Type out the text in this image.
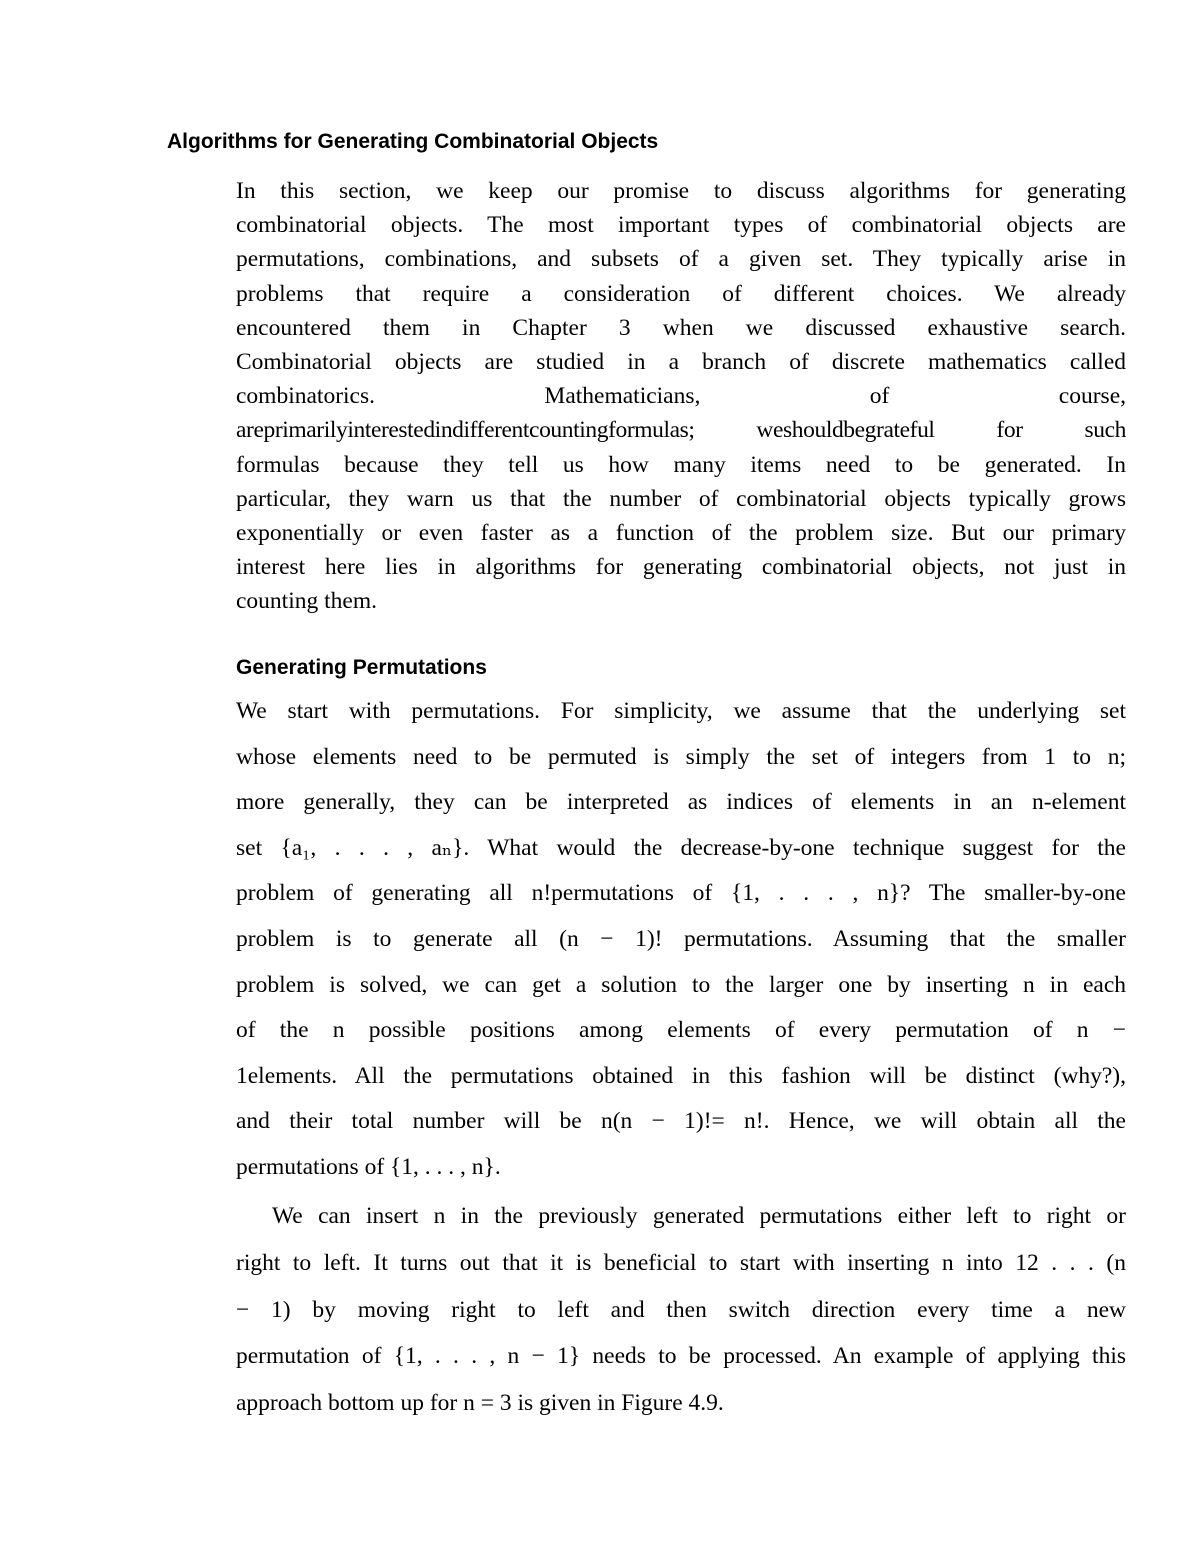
Algorithms for Generating Combinatorial Objects
In this section, we keep our promise to discuss algorithms for generating
combinatorial objects. The most important types of combinatorial objects are
permutations, combinations, and subsets of a given set. They typically arise in
problems that require a consideration of different choices. We already
encountered them in Chapter 3 when we discussed exhaustive search.
Combinatorial objects are studied in a branch of discrete mathematics called
combinatorics. Mathematicians, of course,
areprimarilyinterestedindifferentcountingformulas; weshouldbegrateful for such
formulas because they tell us how many items need to be generated. In
particular, they warn us that the number of combinatorial objects typically grows
exponentially or even faster as a function of the problem size. But our primary
interest here lies in algorithms for generating combinatorial objects, not just in
counting them.
Generating Permutations
We start with permutations. For simplicity, we assume that the underlying set
whose elements need to be permuted is simply the set of integers from 1 to n;
more generally, they can be interpreted as indices of elements in an n-element
set {a₁, . . . , aₙ}. What would the decrease-by-one technique suggest for the
problem of generating all n!permutations of {1, . . . , n}? The smaller-by-one
problem is to generate all (n − 1)! permutations. Assuming that the smaller
problem is solved, we can get a solution to the larger one by inserting n in each
of the n possible positions among elements of every permutation of n −
1elements. All the permutations obtained in this fashion will be distinct (why?),
and their total number will be n(n − 1)!= n!. Hence, we will obtain all the
permutations of {1, . . . , n}.
We can insert n in the previously generated permutations either left to right or
right to left. It turns out that it is beneficial to start with inserting n into 12 . . . (n
− 1) by moving right to left and then switch direction every time a new
permutation of {1, . . . , n − 1} needs to be processed. An example of applying this
approach bottom up for n = 3 is given in Figure 4.9.
